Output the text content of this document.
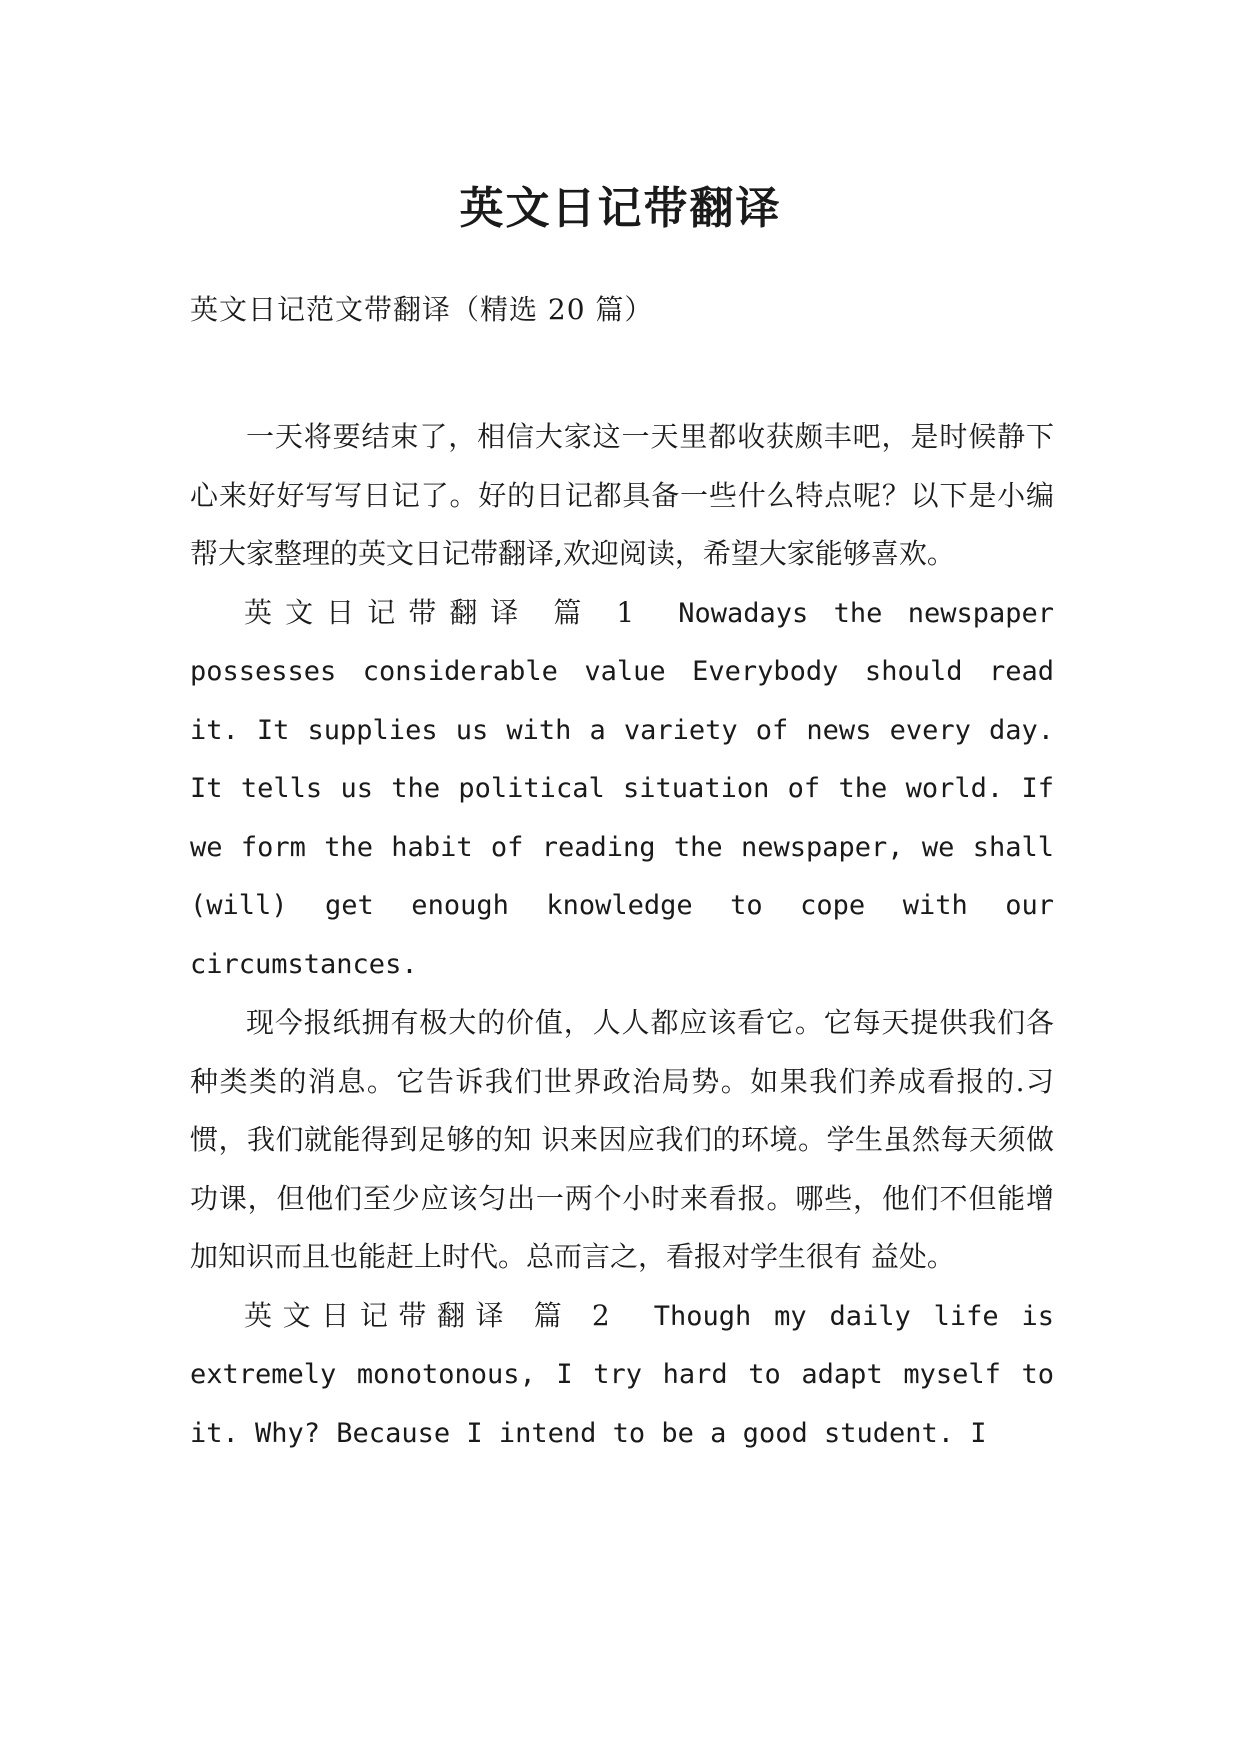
英文日记带翻译
英文日记范文带翻译（精选 20 篇）

一天将要结束了，相信大家这一天里都收获颇丰吧，是时候静下心来好好写写日记了。好的日记都具备一些什么特点呢？以下是小编帮大家整理的英文日记带翻译,欢迎阅读，希望大家能够喜欢。

英文日记带翻译 篇 1 Nowadays the newspaper possesses considerable value Everybody should read it. It supplies us with a variety of news every day. It tells us the political situation of the world. If we form the habit of reading the newspaper, we shall (will) get enough knowledge to cope with our circumstances.

现今报纸拥有极大的价值，人人都应该看它。它每天提供我们各种类类的消息。它告诉我们世界政治局势。如果我们养成看报的.习惯，我们就能得到足够的知 识来因应我们的环境。学生虽然每天须做功课，但他们至少应该匀出一两个小时来看报。哪些，他们不但能增加知识而且也能赶上时代。总而言之，看报对学生很有 益处。

英文日记带翻译 篇 2 Though my daily life is extremely monotonous, I try hard to adapt myself to it. Why? Because I intend to be a good student. I
